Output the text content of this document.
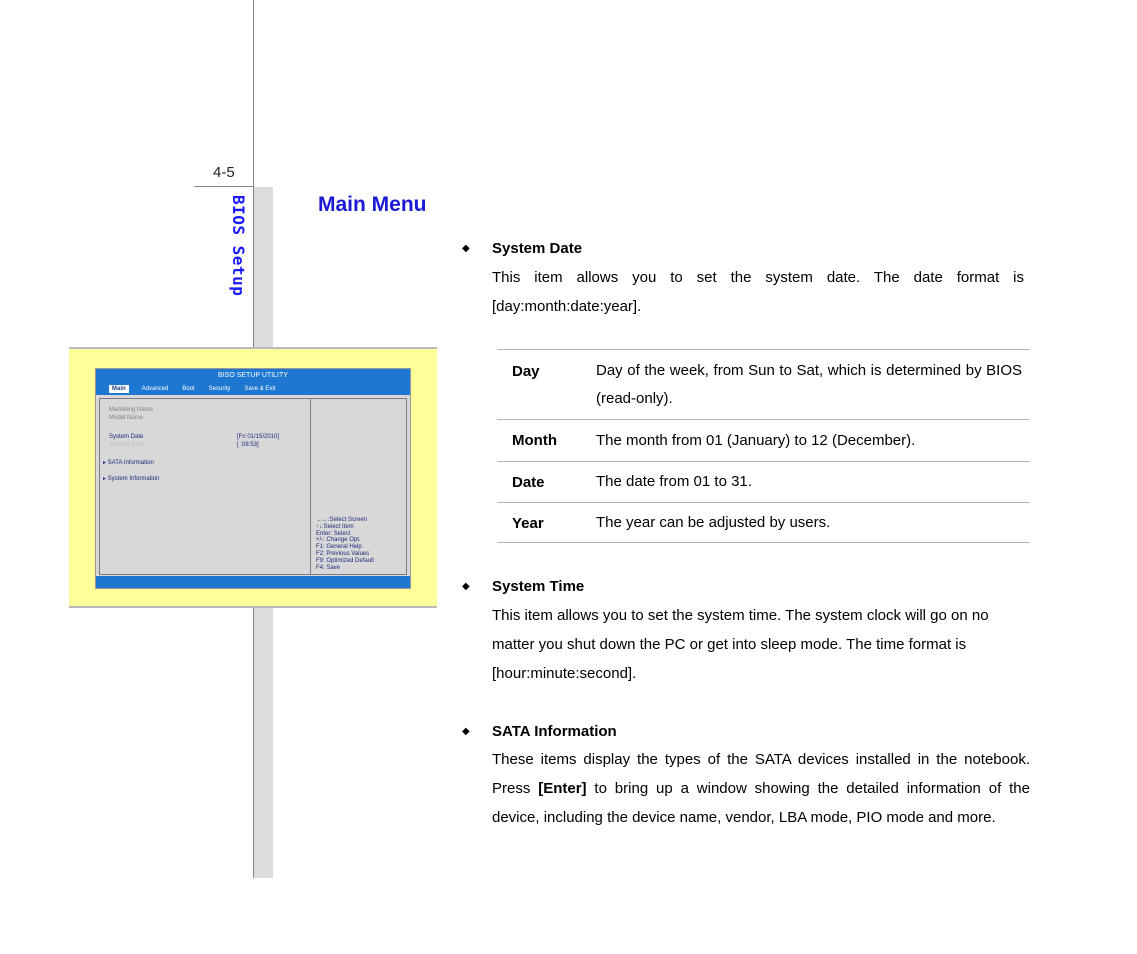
4-5
BIOS Setup	Main Menu
BISO SETUP UTILITY
Main	Advanced	Boot	Security	Save & Exit
Marketing Name
Model Name
System Date	[Fri 01/15/2010]
System Time	[ :08:53]
▸ SATA Information
▸ System Information
→←:Select Screen
↑↓:Select Item
Enter: Select
+/-: Change Opt.
F1: General Help
F2: Previous Values
F9: Optimized Default
F4: Save
◆ System Date
This item allows you to set the system date. The date format is [day:month:date:year].
Day	Day of the week, from Sun to Sat, which is determined by BIOS (read-only).
Month	The month from 01 (January) to 12 (December).
Date	The date from 01 to 31.
Year	The year can be adjusted by users.
◆ System Time
This item allows you to set the system time. The system clock will go on no matter you shut down the PC or get into sleep mode. The time format is [hour:minute:second].
◆ SATA Information
These items display the types of the SATA devices installed in the notebook. Press [Enter] to bring up a window showing the detailed information of the device, including the device name, vendor, LBA mode, PIO mode and more.
